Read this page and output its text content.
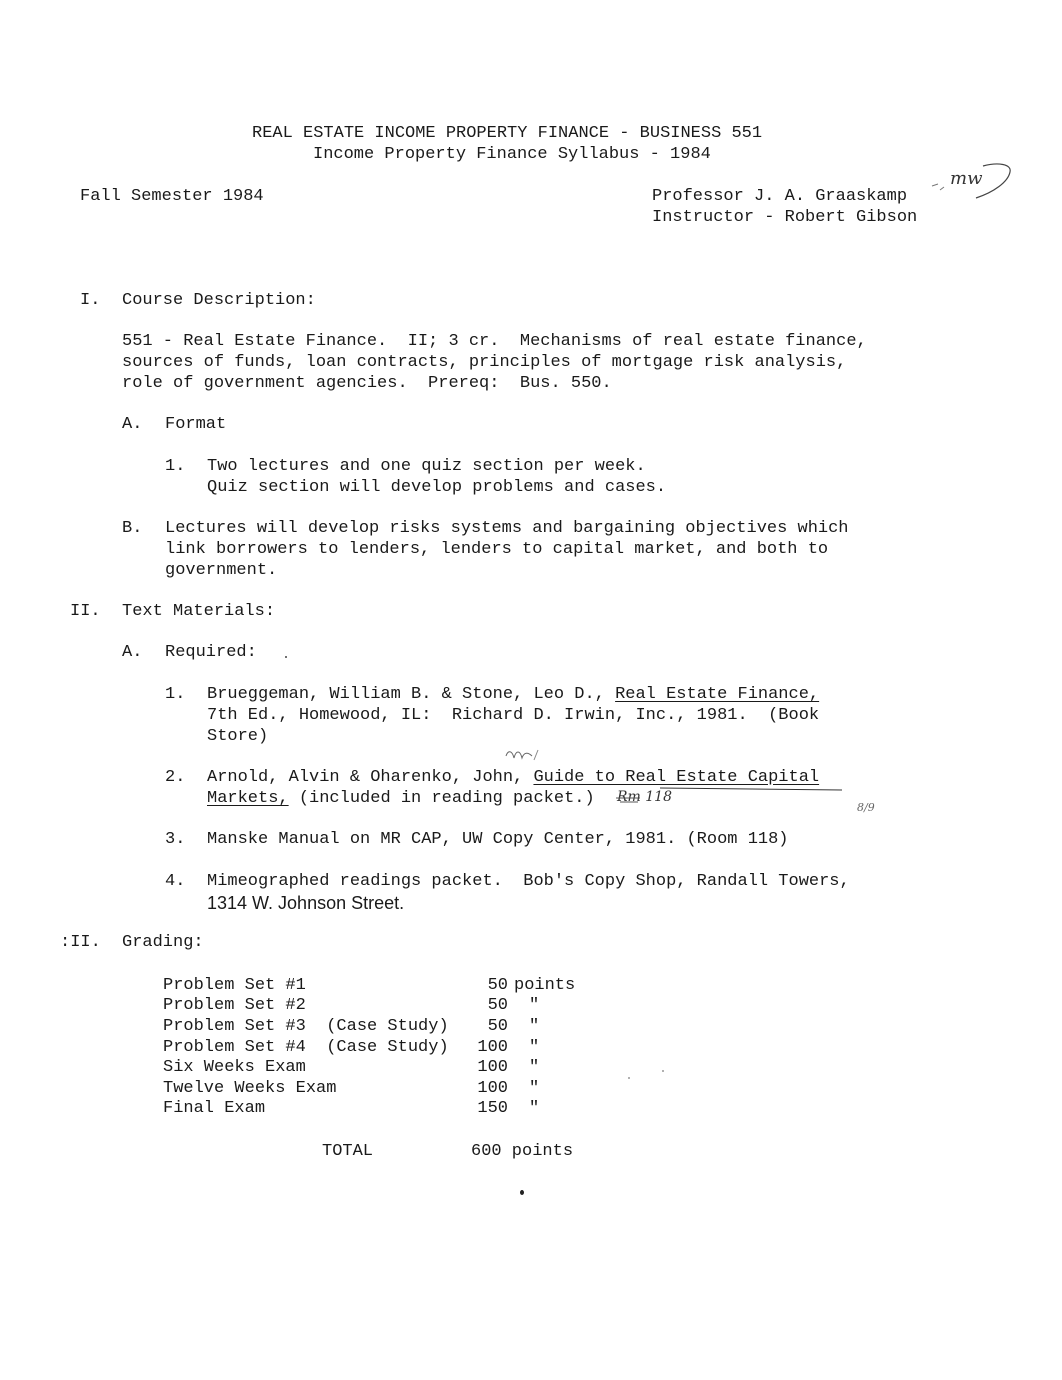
REAL ESTATE INCOME PROPERTY FINANCE - BUSINESS 551
Income Property Finance Syllabus - 1984
Fall Semester 1984	Professor J. A. Graaskamp
Instructor - Robert Gibson
mw
I. Course Description:
551 - Real Estate Finance.  II; 3 cr.  Mechanisms of real estate finance,
sources of funds, loan contracts, principles of mortgage risk analysis,
role of government agencies.  Prereq:  Bus. 550.
A. Format
1. Two lectures and one quiz section per week.
Quiz section will develop problems and cases.
B. Lectures will develop risks systems and bargaining objectives which
link borrowers to lenders, lenders to capital market, and both to
government.
II. Text Materials:
A. Required:
1. Brueggeman, William B. & Stone, Leo D., Real Estate Finance,
7th Ed., Homewood, IL:  Richard D. Irwin, Inc., 1981.  (Book
Store)
2. Arnold, Alvin & Oharenko, John, Guide to Real Estate Capital
Markets, (included in reading packet.) Rm 118
8/9
3. Manske Manual on MR CAP, UW Copy Center, 1981. (Room 118)
4. Mimeographed readings packet.  Bob's Copy Shop, Randall Towers,
1314 W. Johnson Street.
:II. Grading:
Problem Set #1	50 points
Problem Set #2	50 "
Problem Set #3  (Case Study) 50 "
Problem Set #4  (Case Study) 100 "
Six Weeks Exam	100 "
Twelve Weeks Exam	100 "
Final Exam	150 "
TOTAL	600 points
